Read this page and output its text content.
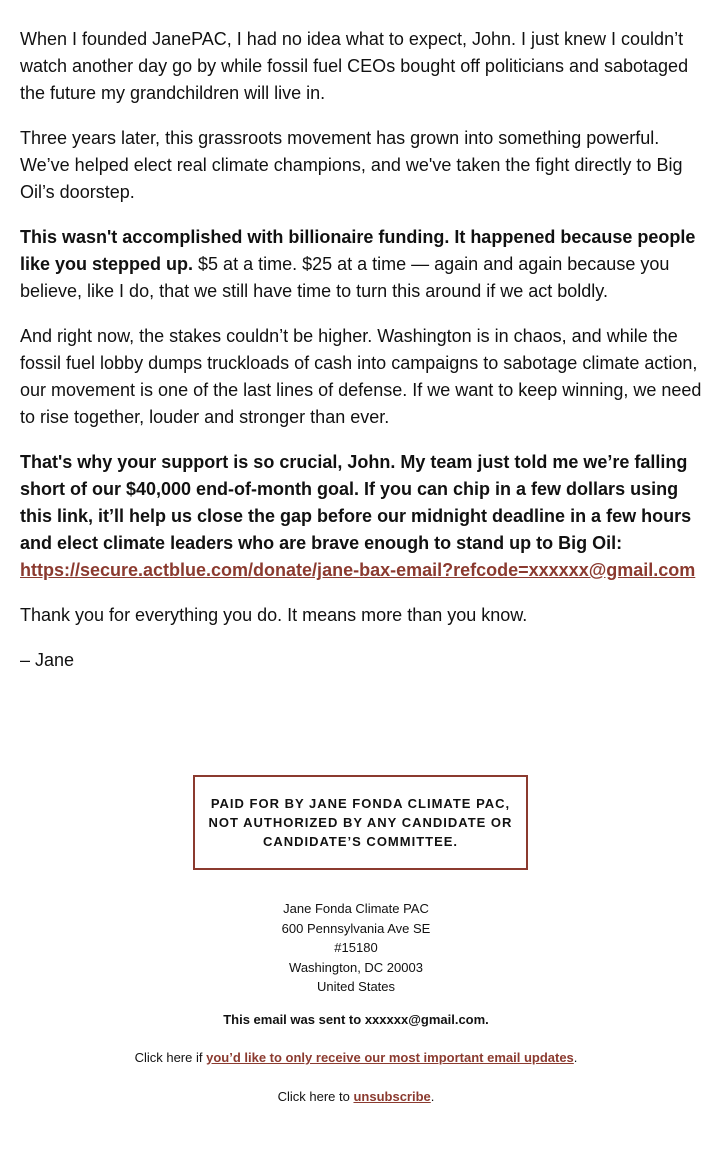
When I founded JanePAC, I had no idea what to expect, John. I just knew I couldn’t watch another day go by while fossil fuel CEOs bought off politicians and sabotaged the future my grandchildren will live in.

Three years later, this grassroots movement has grown into something powerful. We’ve helped elect real climate champions, and we've taken the fight directly to Big Oil’s doorstep.

This wasn't accomplished with billionaire funding. It happened because people like you stepped up. $5 at a time. $25 at a time — again and again because you believe, like I do, that we still have time to turn this around if we act boldly.

And right now, the stakes couldn’t be higher. Washington is in chaos, and while the fossil fuel lobby dumps truckloads of cash into campaigns to sabotage climate action, our movement is one of the last lines of defense. If we want to keep winning, we need to rise together, louder and stronger than ever.

That's why your support is so crucial, John. My team just told me we’re falling short of our $40,000 end-of-month goal. If you can chip in a few dollars using this link, it’ll help us close the gap before our midnight deadline in a few hours and elect climate leaders who are brave enough to stand up to Big Oil:
https://secure.actblue.com/donate/jane-bax-email?refcode=xxxxxx@gmail.com

Thank you for everything you do. It means more than you know.

– Jane

PAID FOR BY JANE FONDA CLIMATE PAC, NOT AUTHORIZED BY ANY CANDIDATE OR CANDIDATE’S COMMITTEE.
Jane Fonda Climate PAC
600 Pennsylvania Ave SE
#15180
Washington, DC 20003
United States
This email was sent to xxxxxx@gmail.com.
Click here if you’d like to only receive our most important email updates.
Click here to unsubscribe.
